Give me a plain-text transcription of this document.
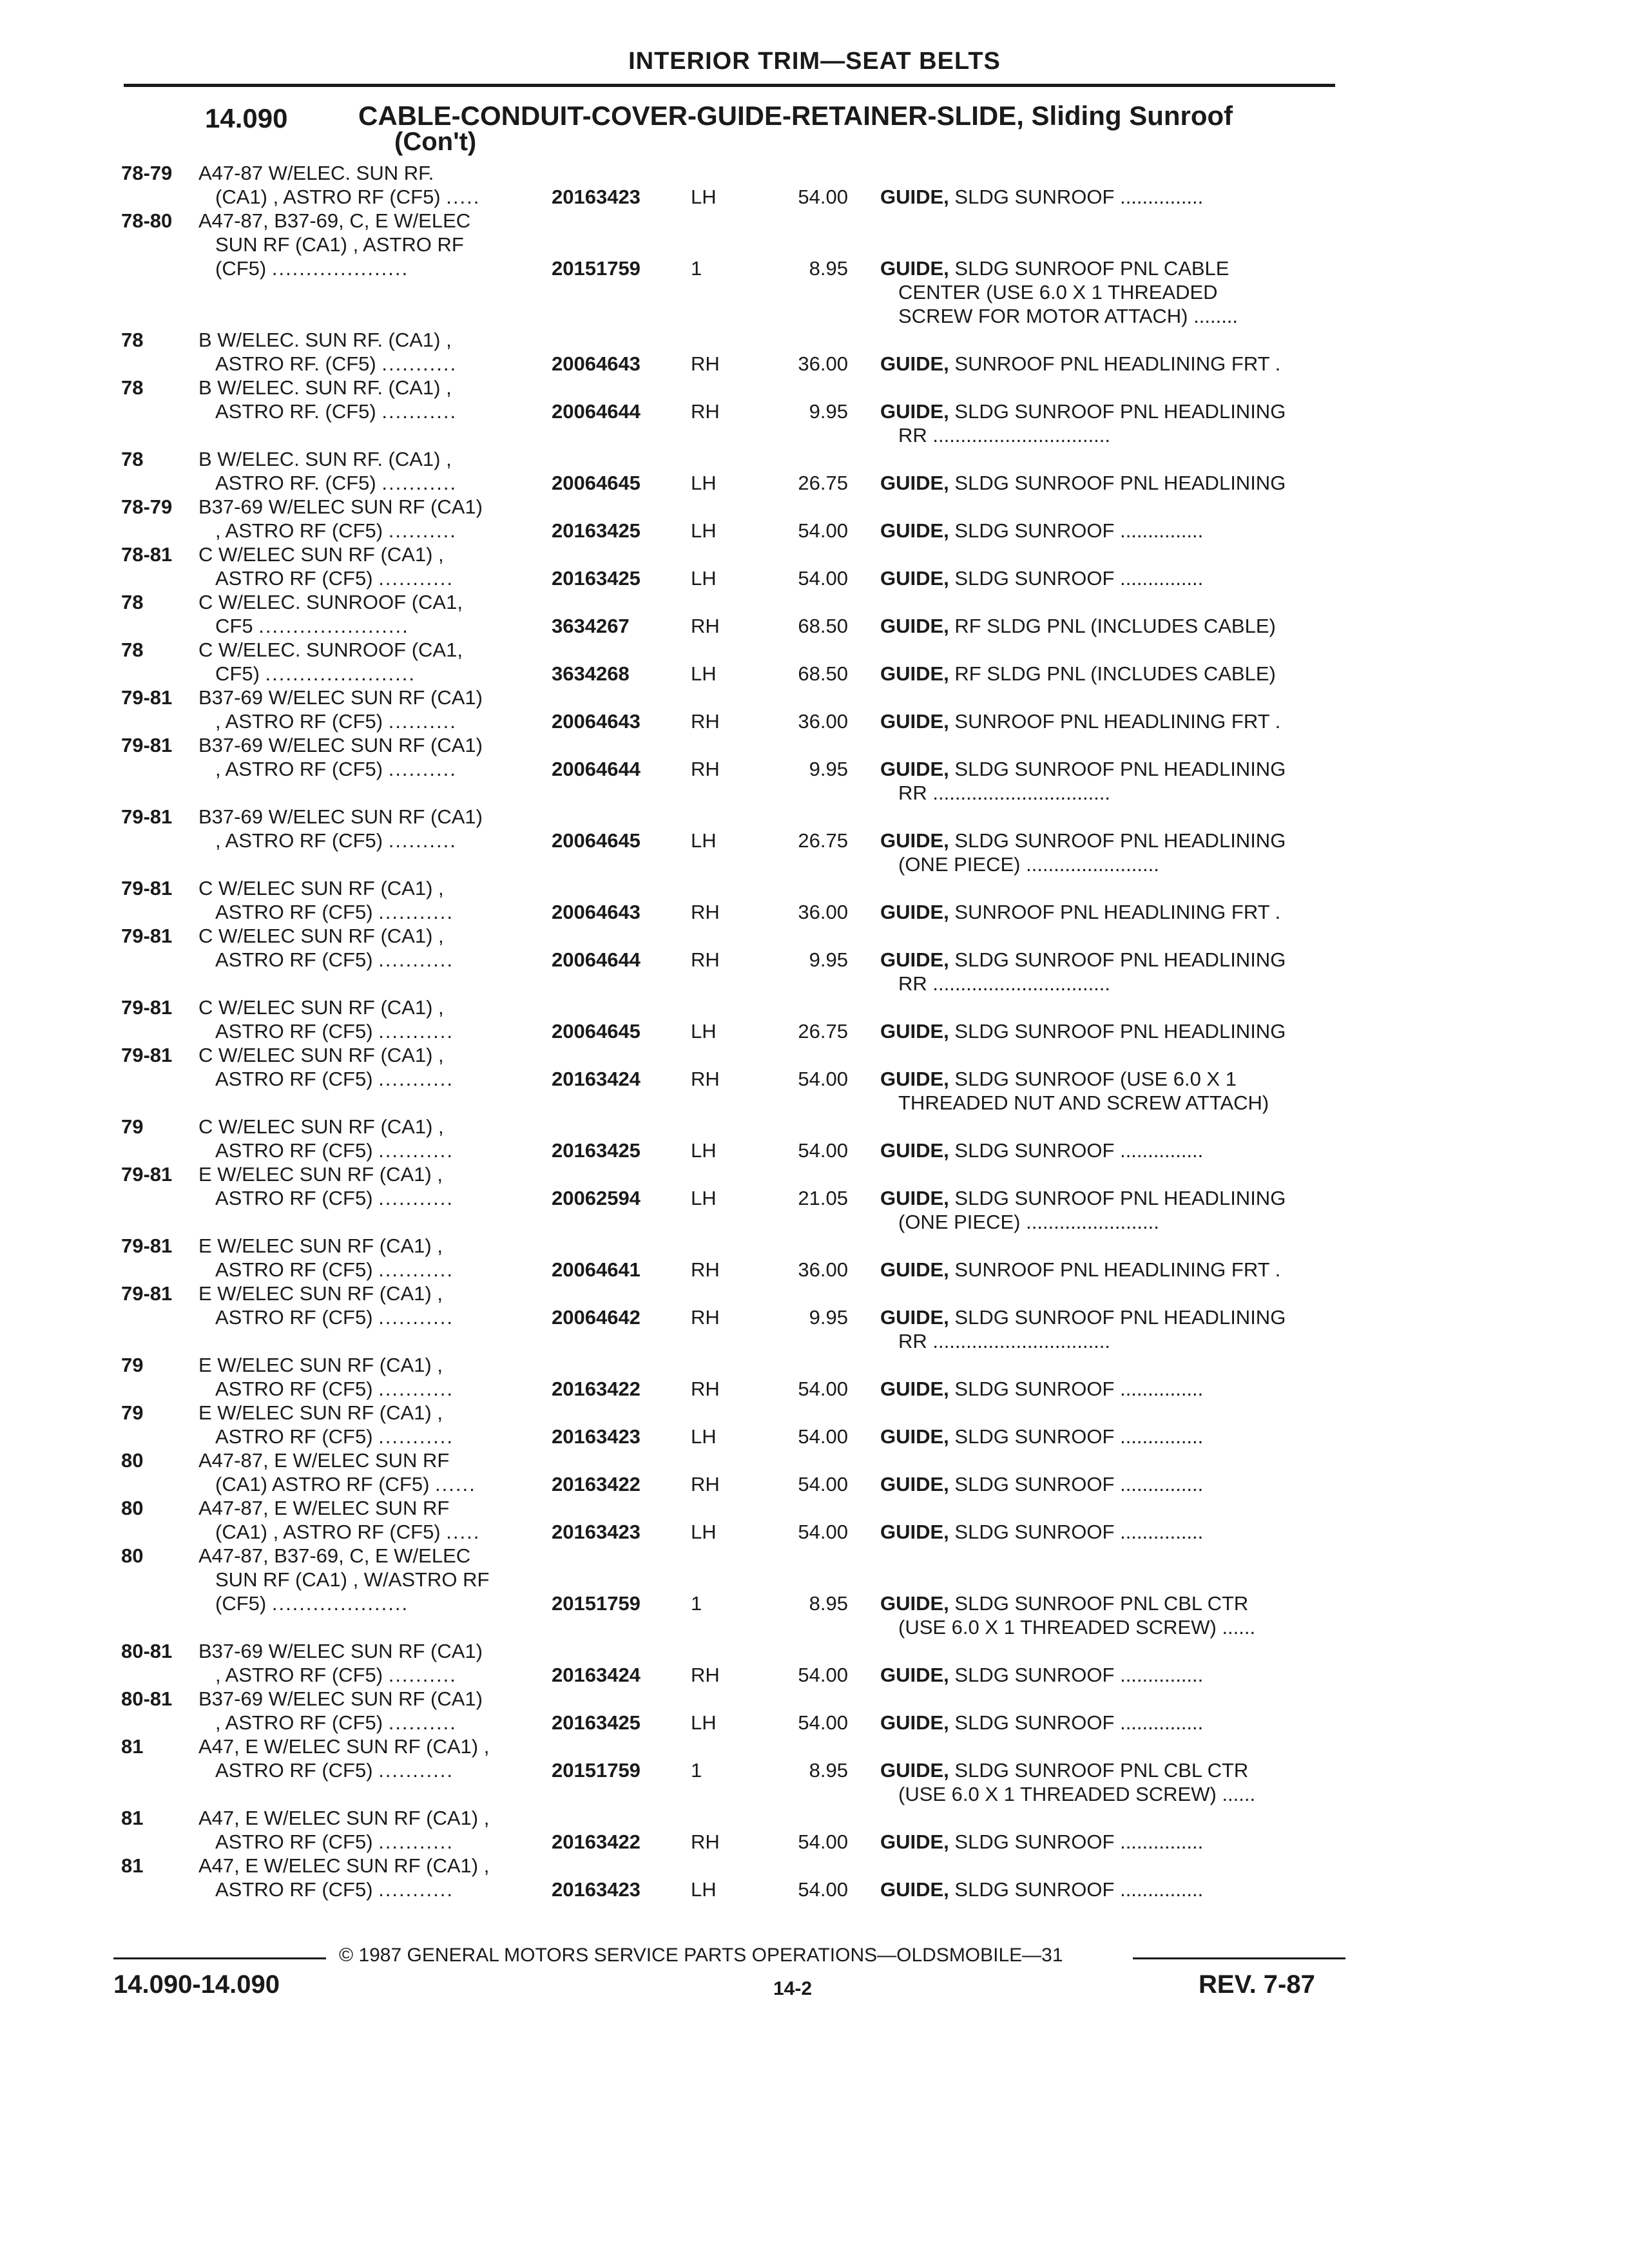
INTERIOR TRIM—SEAT BELTS
14.090	CABLE-CONDUIT-COVER-GUIDE-RETAINER-SLIDE, Sliding Sunroof
(Con't)
78-79	A47-87 W/ELEC. SUN RF.
(CA1) , ASTRO RF (CF5) .....	20163423	LH	54.00 GUIDE, SLDG SUNROOF ...............
78-80	A47-87, B37-69, C, E W/ELEC
SUN RF (CA1) , ASTRO RF
(CF5) ....................	20151759	1	8.95 GUIDE, SLDG SUNROOF PNL CABLE
CENTER (USE 6.0 X 1 THREADED
SCREW FOR MOTOR ATTACH) ........
78	B W/ELEC. SUN RF. (CA1) ,
ASTRO RF. (CF5) ...........	20064643	RH	36.00 GUIDE, SUNROOF PNL HEADLINING FRT .
78	B W/ELEC. SUN RF. (CA1) ,
ASTRO RF. (CF5) ...........	20064644	RH	9.95 GUIDE, SLDG SUNROOF PNL HEADLINING
RR ................................
78	B W/ELEC. SUN RF. (CA1) ,
ASTRO RF. (CF5) ...........	20064645	LH	26.75 GUIDE, SLDG SUNROOF PNL HEADLINING
78-79	B37-69 W/ELEC SUN RF (CA1)
, ASTRO RF (CF5) ..........	20163425	LH	54.00 GUIDE, SLDG SUNROOF ...............
78-81	C W/ELEC SUN RF (CA1) ,
ASTRO RF (CF5) ...........	20163425	LH	54.00 GUIDE, SLDG SUNROOF ...............
78	C W/ELEC. SUNROOF (CA1,
CF5 ......................	3634267	RH	68.50 GUIDE, RF SLDG PNL (INCLUDES CABLE)
78	C W/ELEC. SUNROOF (CA1,
CF5) ......................	3634268	LH	68.50 GUIDE, RF SLDG PNL (INCLUDES CABLE)
79-81	B37-69 W/ELEC SUN RF (CA1)
, ASTRO RF (CF5) ..........	20064643	RH	36.00 GUIDE, SUNROOF PNL HEADLINING FRT .
79-81	B37-69 W/ELEC SUN RF (CA1)
, ASTRO RF (CF5) ..........	20064644	RH	9.95 GUIDE, SLDG SUNROOF PNL HEADLINING
RR ................................
79-81	B37-69 W/ELEC SUN RF (CA1)
, ASTRO RF (CF5) ..........	20064645	LH	26.75 GUIDE, SLDG SUNROOF PNL HEADLINING
(ONE PIECE) ........................
79-81	C W/ELEC SUN RF (CA1) ,
ASTRO RF (CF5) ...........	20064643	RH	36.00 GUIDE, SUNROOF PNL HEADLINING FRT .
79-81	C W/ELEC SUN RF (CA1) ,
ASTRO RF (CF5) ...........	20064644	RH	9.95 GUIDE, SLDG SUNROOF PNL HEADLINING
RR ................................
79-81	C W/ELEC SUN RF (CA1) ,
ASTRO RF (CF5) ...........	20064645	LH	26.75 GUIDE, SLDG SUNROOF PNL HEADLINING
79-81	C W/ELEC SUN RF (CA1) ,
ASTRO RF (CF5) ...........	20163424	RH	54.00 GUIDE, SLDG SUNROOF (USE 6.0 X 1
THREADED NUT AND SCREW ATTACH)
79	C W/ELEC SUN RF (CA1) ,
ASTRO RF (CF5) ...........	20163425	LH	54.00 GUIDE, SLDG SUNROOF ...............
79-81	E W/ELEC SUN RF (CA1) ,
ASTRO RF (CF5) ...........	20062594	LH	21.05 GUIDE, SLDG SUNROOF PNL HEADLINING
(ONE PIECE) ........................
79-81	E W/ELEC SUN RF (CA1) ,
ASTRO RF (CF5) ...........	20064641	RH	36.00 GUIDE, SUNROOF PNL HEADLINING FRT .
79-81	E W/ELEC SUN RF (CA1) ,
ASTRO RF (CF5) ...........	20064642	RH	9.95 GUIDE, SLDG SUNROOF PNL HEADLINING
RR ................................
79	E W/ELEC SUN RF (CA1) ,
ASTRO RF (CF5) ...........	20163422	RH	54.00 GUIDE, SLDG SUNROOF ...............
79	E W/ELEC SUN RF (CA1) ,
ASTRO RF (CF5) ...........	20163423	LH	54.00 GUIDE, SLDG SUNROOF ...............
80	A47-87, E W/ELEC SUN RF
(CA1) ASTRO RF (CF5) ......	20163422	RH	54.00 GUIDE, SLDG SUNROOF ...............
80	A47-87, E W/ELEC SUN RF
(CA1) , ASTRO RF (CF5) .....	20163423	LH	54.00 GUIDE, SLDG SUNROOF ...............
80	A47-87, B37-69, C, E W/ELEC
SUN RF (CA1) , W/ASTRO RF
(CF5) ....................	20151759	1	8.95 GUIDE, SLDG SUNROOF PNL CBL CTR
(USE 6.0 X 1 THREADED SCREW) ......
80-81	B37-69 W/ELEC SUN RF (CA1)
, ASTRO RF (CF5) ..........	20163424	RH	54.00 GUIDE, SLDG SUNROOF ...............
80-81	B37-69 W/ELEC SUN RF (CA1)
, ASTRO RF (CF5) ..........	20163425	LH	54.00 GUIDE, SLDG SUNROOF ...............
81	A47, E W/ELEC SUN RF (CA1) ,
ASTRO RF (CF5) ...........	20151759	1	8.95 GUIDE, SLDG SUNROOF PNL CBL CTR
(USE 6.0 X 1 THREADED SCREW) ......
81	A47, E W/ELEC SUN RF (CA1) ,
ASTRO RF (CF5) ...........	20163422	RH	54.00 GUIDE, SLDG SUNROOF ...............
81	A47, E W/ELEC SUN RF (CA1) ,
ASTRO RF (CF5) ...........	20163423	LH	54.00 GUIDE, SLDG SUNROOF ...............
© 1987 GENERAL MOTORS SERVICE PARTS OPERATIONS—OLDSMOBILE—31
14.090-14.090	14-2	REV. 7-87
